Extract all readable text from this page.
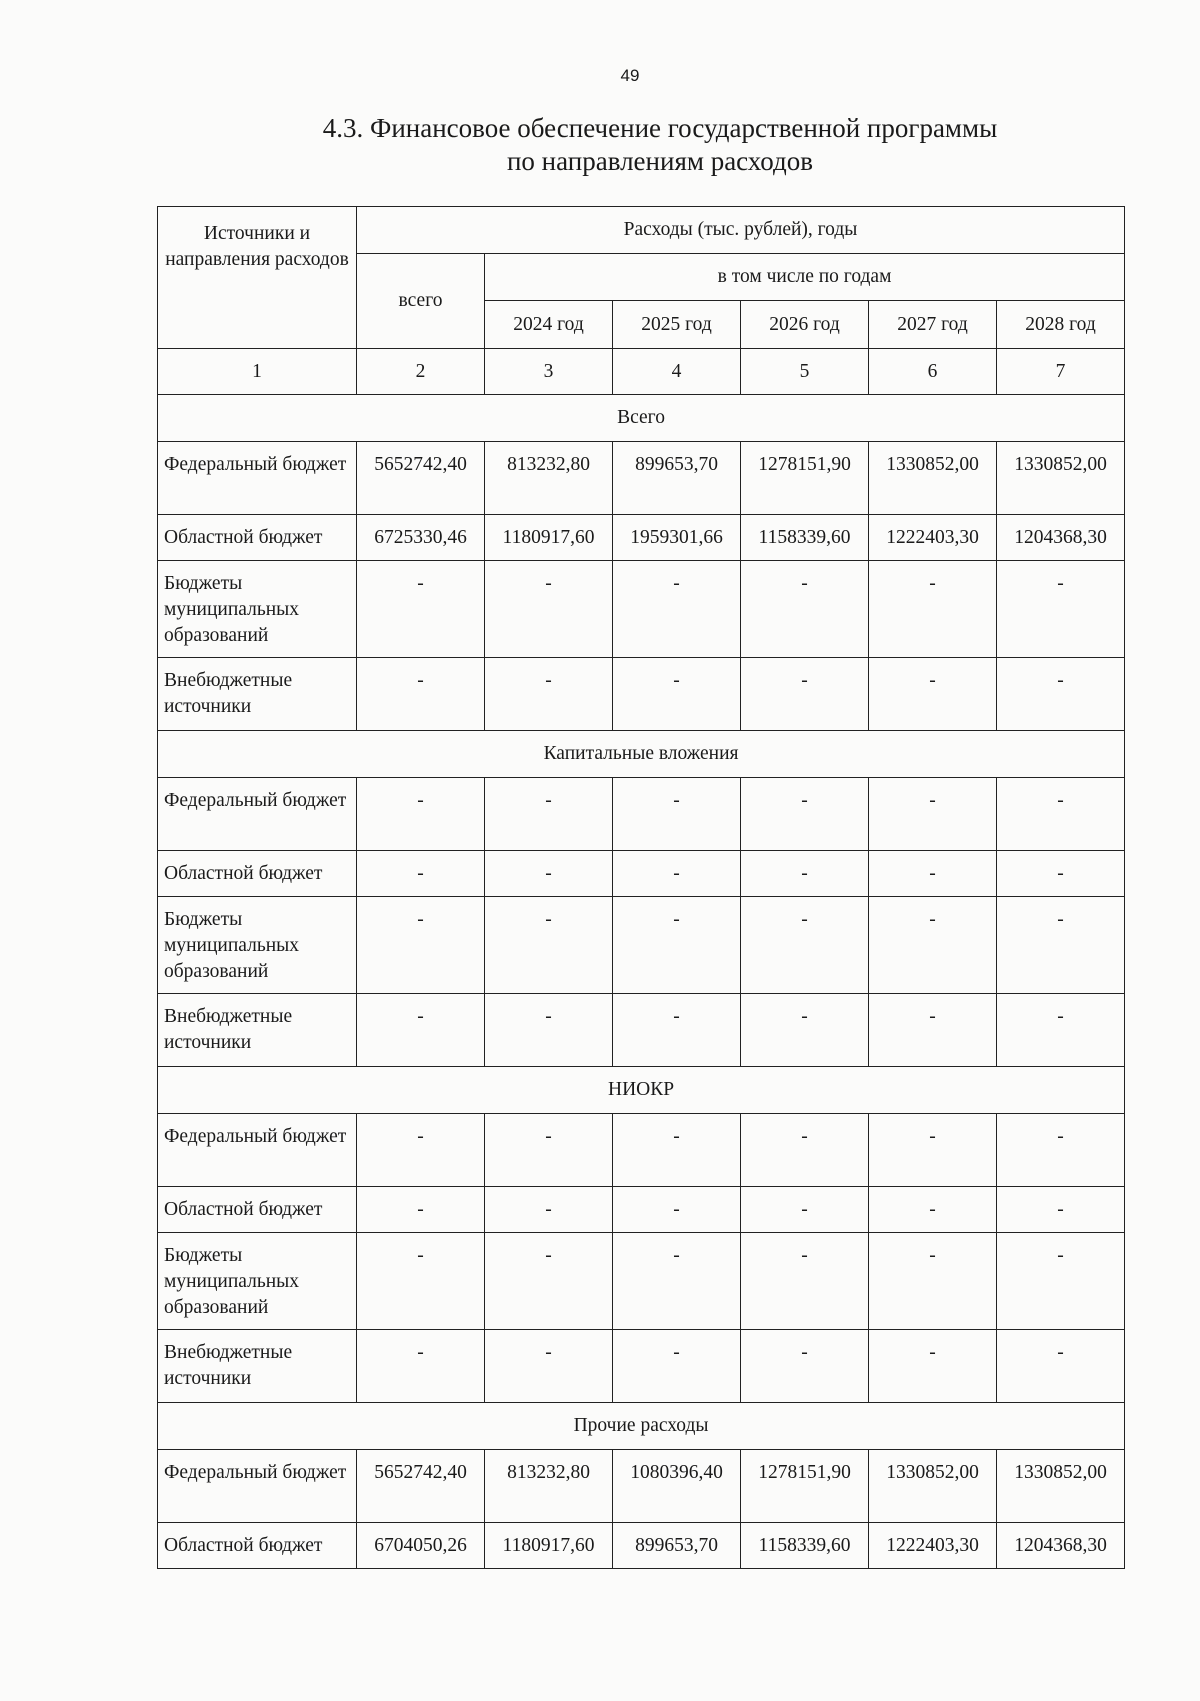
49
4.3. Финансовое обеспечение государственной программы
по направлениям расходов
Источники и направления расходов	Расходы (тыс. рублей), годы					
	всего	в том числе по годам				
		2024 год	2025 год	2026 год	2027 год	2028 год
1	2	3	4	5	6	7
Всего						
Федеральный бюджет	5652742,40	813232,80	899653,70	1278151,90	1330852,00	1330852,00
Областной бюджет	6725330,46	1180917,60	1959301,66	1158339,60	1222403,30	1204368,30
Бюджеты муниципальных образований	-	-	-	-	-	-
Внебюджетные источники	-	-	-	-	-	-
Капитальные вложения						
Федеральный бюджет	-	-	-	-	-	-
Областной бюджет	-	-	-	-	-	-
Бюджеты муниципальных образований	-	-	-	-	-	-
Внебюджетные источники	-	-	-	-	-	-
НИОКР						
Федеральный бюджет	-	-	-	-	-	-
Областной бюджет	-	-	-	-	-	-
Бюджеты муниципальных образований	-	-	-	-	-	-
Внебюджетные источники	-	-	-	-	-	-
Прочие расходы						
Федеральный бюджет	5652742,40	813232,80	1080396,40	1278151,90	1330852,00	1330852,00
Областной бюджет	6704050,26	1180917,60	899653,70	1158339,60	1222403,30	1204368,30
